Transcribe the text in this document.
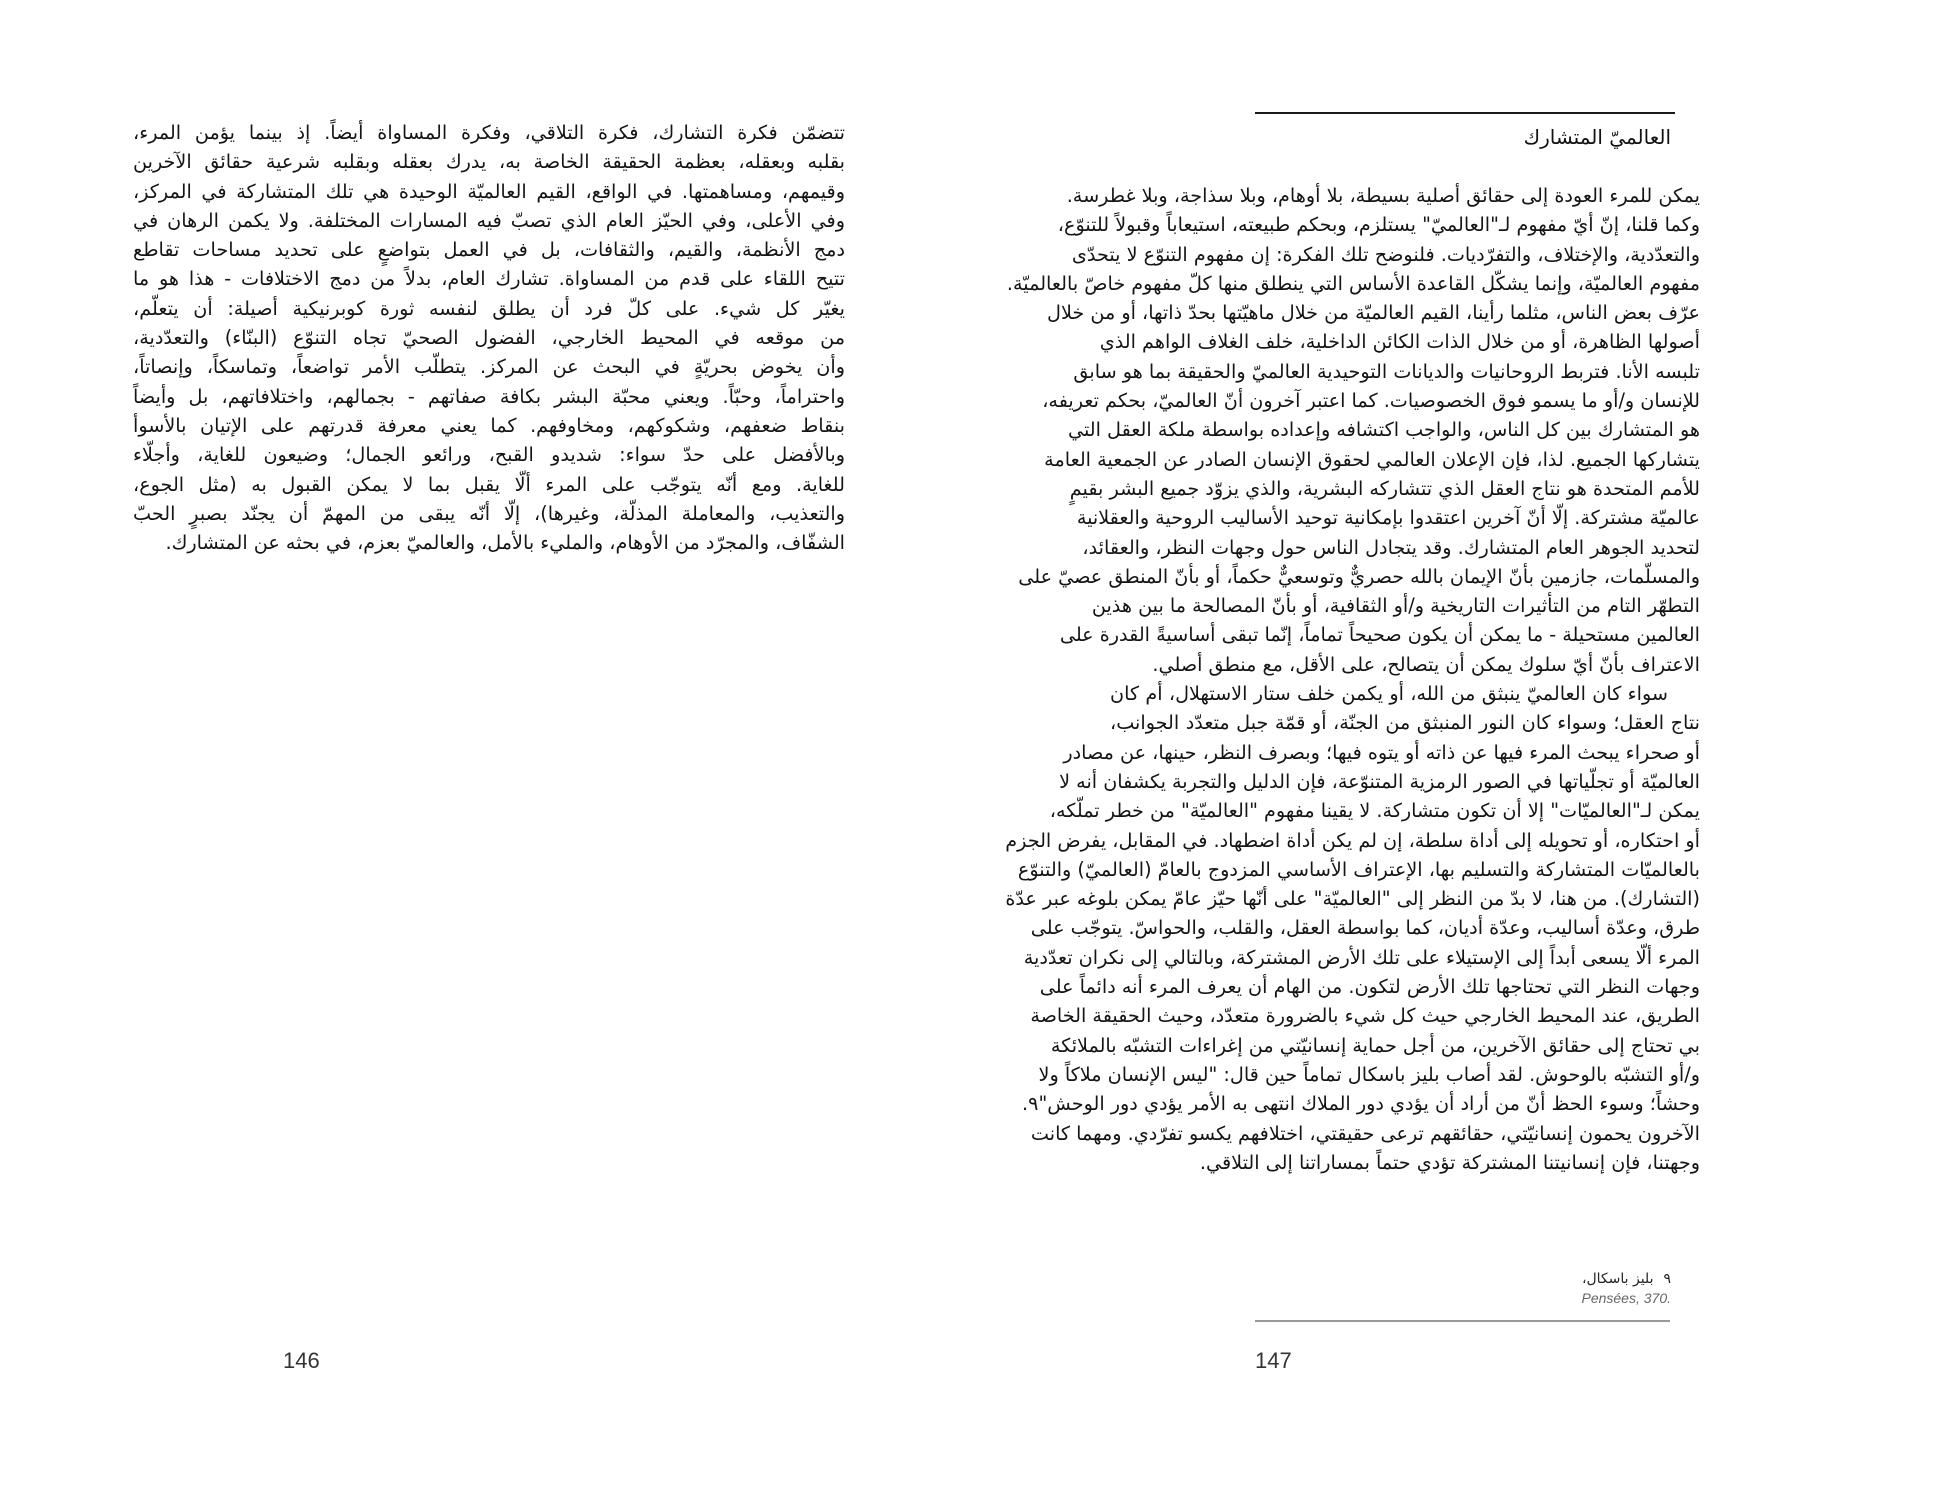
تتضمّن فكرة التشارك، فكرة التلاقي، وفكرة المساواة أيضاً. إذ بينما يؤمن المرء،
بقلبه وبعقله، بعظمة الحقيقة الخاصة به، يدرك بعقله وبقلبه شرعية حقائق الآخرين
وقيمهم، ومساهمتها. في الواقع، القيم العالميّة الوحيدة هي تلك المتشاركة في المركز،
وفي الأعلى، وفي الحيّز العام الذي تصبّ فيه المسارات المختلفة. ولا يكمن الرهان في
دمج الأنظمة، والقيم، والثقافات، بل في العمل بتواضعٍ على تحديد مساحات تقاطع
تتيح اللقاء على قدم من المساواة. تشارك العام، بدلاً من دمج الاختلافات - هذا هو ما
يغيّر كل شيء. على كلّ فرد أن يطلق لنفسه ثورة كوبرنيكية أصيلة: أن يتعلّم،
من موقعه في المحيط الخارجي، الفضول الصحيّ تجاه التنوّع (البنّاء) والتعدّدية،
وأن يخوض بحريّةٍ في البحث عن المركز. يتطلّب الأمر تواضعاً، وتماسكاً، وإنصاتاً،
واحتراماً، وحبّاً. ويعني محبّة البشر بكافة صفاتهم - بجمالهم، واختلافاتهم، بل وأيضاً
بنقاط ضعفهم، وشكوكهم، ومخاوفهم. كما يعني معرفة قدرتهم على الإتيان بالأسوأ
وبالأفضل على حدّ سواء: شديدو القبح، ورائعو الجمال؛ وضيعون للغاية، وأجلّاء
للغاية. ومع أنّه يتوجّب على المرء ألّا يقبل بما لا يمكن القبول به (مثل الجوع،
والتعذيب، والمعاملة المذلّة، وغيرها)، إلّا أنّه يبقى من المهمّ أن يجنّد بصبرٍ الحبّ
الشفّاف، والمجرّد من الأوهام، والمليء بالأمل، والعالميّ بعزم، في بحثه عن المتشارك.
146
العالميّ المتشارك
يمكن للمرء العودة إلى حقائق أصلية بسيطة، بلا أوهام، وبلا سذاجة، وبلا غطرسة.
وكما قلنا، إنّ أيّ مفهوم لـ"العالميّ" يستلزم، وبحكم طبيعته، استيعاباً وقبولاً للتنوّع،
والتعدّدية، والإختلاف، والتفرّديات. فلنوضح تلك الفكرة: إن مفهوم التنوّع لا يتحدّى
مفهوم العالميّة، وإنما يشكّل القاعدة الأساس التي ينطلق منها كلّ مفهوم خاصّ بالعالميّة.
عرّف بعض الناس، مثلما رأينا، القيم العالميّة من خلال ماهيّتها بحدّ ذاتها، أو من خلال
أصولها الظاهرة، أو من خلال الذات الكائن الداخلية، خلف الغلاف الواهم الذي
تلبسه الأنا. فتربط الروحانيات والديانات التوحيدية العالميّ والحقيقة بما هو سابق
للإنسان و/أو ما يسمو فوق الخصوصيات. كما اعتبر آخرون أنّ العالميّ، بحكم تعريفه،
هو المتشارك بين كل الناس، والواجب اكتشافه وإعداده بواسطة ملكة العقل التي
يتشاركها الجميع. لذا، فإن الإعلان العالمي لحقوق الإنسان الصادر عن الجمعية العامة
للأمم المتحدة هو نتاج العقل الذي تتشاركه البشرية، والذي يزوّد جميع البشر بقيمٍ
عالميّة مشتركة. إلّا أنّ آخرين اعتقدوا بإمكانية توحيد الأساليب الروحية والعقلانية
لتحديد الجوهر العام المتشارك. وقد يتجادل الناس حول وجهات النظر، والعقائد،
والمسلّمات، جازمين بأنّ الإيمان بالله حصريٌّ وتوسعيٌّ حكماً، أو بأنّ المنطق عصيّ على
التطهّر التام من التأثيرات التاريخية و/أو الثقافية، أو بأنّ المصالحة ما بين هذين
العالمين مستحيلة - ما يمكن أن يكون صحيحاً تماماً، إنّما تبقى أساسيةً القدرة على
الاعتراف بأنّ أيّ سلوك يمكن أن يتصالح، على الأقل، مع منطق أصلي.
سواء كان العالميّ ينبثق من الله، أو يكمن خلف ستار الاستهلال، أم كان
نتاج العقل؛ وسواء كان النور المنبثق من الجنّة، أو قمّة جبل متعدّد الجوانب،
أو صحراء يبحث المرء فيها عن ذاته أو يتوه فيها؛ وبصرف النظر، حينها، عن مصادر
العالميّة أو تجلّياتها في الصور الرمزية المتنوّعة، فإن الدليل والتجربة يكشفان أنه لا
يمكن لـ"العالميّات" إلا أن تكون متشاركة. لا يقينا مفهوم "العالميّة" من خطر تملّكه،
أو احتكاره، أو تحويله إلى أداة سلطة، إن لم يكن أداة اضطهاد. في المقابل، يفرض الجزم
بالعالميّات المتشاركة والتسليم بها، الإعتراف الأساسي المزدوج بالعامّ (العالميّ) والتنوّع
(التشارك). من هنا، لا بدّ من النظر إلى "العالميّة" على أنّها حيّز عامّ يمكن بلوغه عبر عدّة
طرق، وعدّة أساليب، وعدّة أديان، كما بواسطة العقل، والقلب، والحواسّ. يتوجّب على
المرء ألّا يسعى أبداً إلى الإستيلاء على تلك الأرض المشتركة، وبالتالي إلى نكران تعدّدية
وجهات النظر التي تحتاجها تلك الأرض لتكون. من الهام أن يعرف المرء أنه دائماً على
الطريق، عند المحيط الخارجي حيث كل شيء بالضرورة متعدّد، وحيث الحقيقة الخاصة
بي تحتاج إلى حقائق الآخرين، من أجل حماية إنسانيّتي من إغراءات التشبّه بالملائكة
و/أو التشبّه بالوحوش. لقد أصاب بليز باسكال تماماً حين قال: "ليس الإنسان ملاكاً ولا
وحشاً؛ وسوء الحظ أنّ من أراد أن يؤدي دور الملاك انتهى به الأمر يؤدي دور الوحش"٩.
الآخرون يحمون إنسانيّتي، حقائقهم ترعى حقيقتي، اختلافهم يكسو تفرّدي. ومهما كانت
وجهتنا، فإن إنسانيتنا المشتركة تؤدي حتماً بمساراتنا إلى التلاقي.
٩بليز باسكال،
Pensées, 370.
147
